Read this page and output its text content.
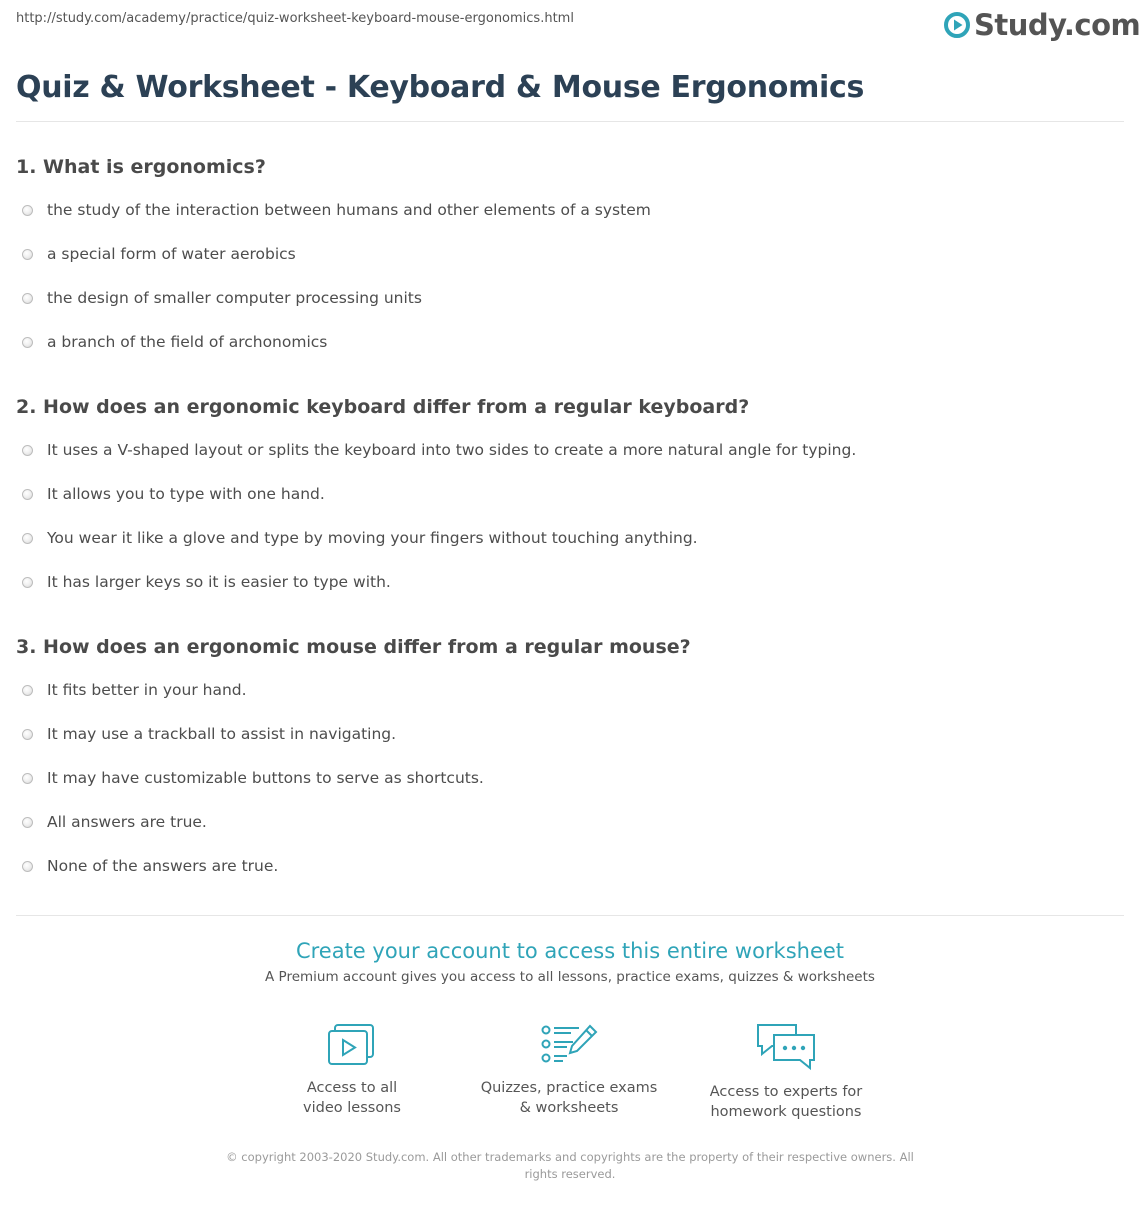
http://study.com/academy/practice/quiz-worksheet-keyboard-mouse-ergonomics.html	Study.com
Quiz & Worksheet - Keyboard & Mouse Ergonomics
1. What is ergonomics?
the study of the interaction between humans and other elements of a system
a special form of water aerobics
the design of smaller computer processing units
a branch of the field of archonomics
2. How does an ergonomic keyboard differ from a regular keyboard?
It uses a V-shaped layout or splits the keyboard into two sides to create a more natural angle for typing.
It allows you to type with one hand.
You wear it like a glove and type by moving your fingers without touching anything.
It has larger keys so it is easier to type with.
3. How does an ergonomic mouse differ from a regular mouse?
It fits better in your hand.
It may use a trackball to assist in navigating.
It may have customizable buttons to serve as shortcuts.
All answers are true.
None of the answers are true.
Create your account to access this entire worksheet
A Premium account gives you access to all lessons, practice exams, quizzes & worksheets
Access to all
video lessons
Quizzes, practice exams
& worksheets
Access to experts for
homework questions
© copyright 2003-2020 Study.com. All other trademarks and copyrights are the property of their respective owners. All rights reserved.
